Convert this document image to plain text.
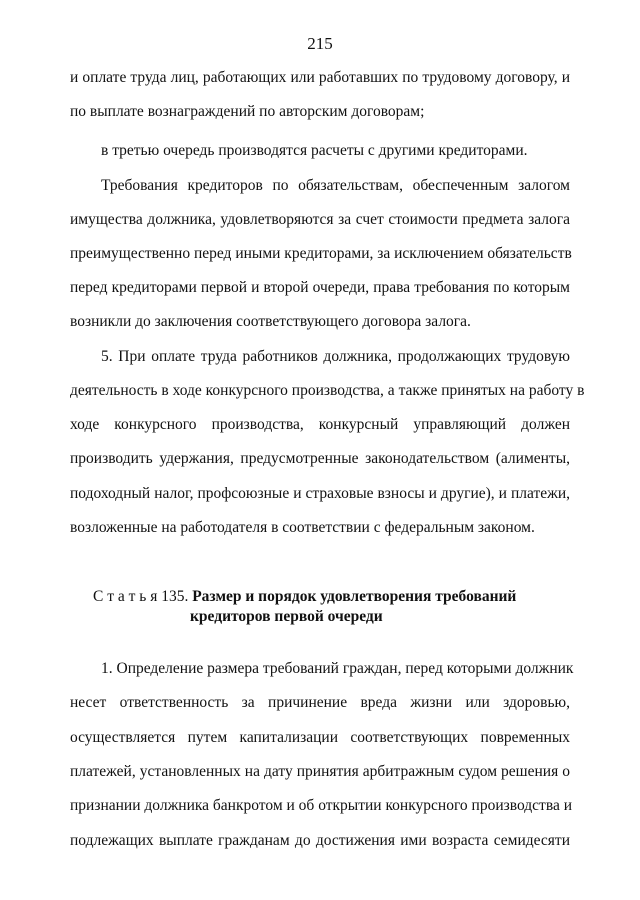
215
и оплате труда лиц, работающих или работавших по трудовому договору, и
по выплате вознаграждений по авторским договорам;
в третью очередь производятся расчеты с другими кредиторами.
Требования кредиторов по обязательствам, обеспеченным залогом
имущества должника, удовлетворяются за счет стоимости предмета залога
преимущественно перед иными кредиторами, за исключением обязательств
перед кредиторами первой и второй очереди, права требования по которым
возникли до заключения соответствующего договора залога.
5. При оплате труда работников должника, продолжающих трудовую
деятельность в ходе конкурсного производства, а также принятых на работу в
ходе конкурсного производства, конкурсный управляющий должен
производить удержания, предусмотренные законодательством (алименты,
подоходный налог, профсоюзные и страховые взносы и другие), и платежи,
возложенные на работодателя в соответствии с федеральным законом.
С т а т ь я 135. Размер и порядок удовлетворения требований
кредиторов первой очереди
1. Определение размера требований граждан, перед которыми должник
несет ответственность за причинение вреда жизни или здоровью,
осуществляется путем капитализации соответствующих повременных
платежей, установленных на дату принятия арбитражным судом решения о
признании должника банкротом и об открытии конкурсного производства и
подлежащих выплате гражданам до достижения ими возраста семидесяти
